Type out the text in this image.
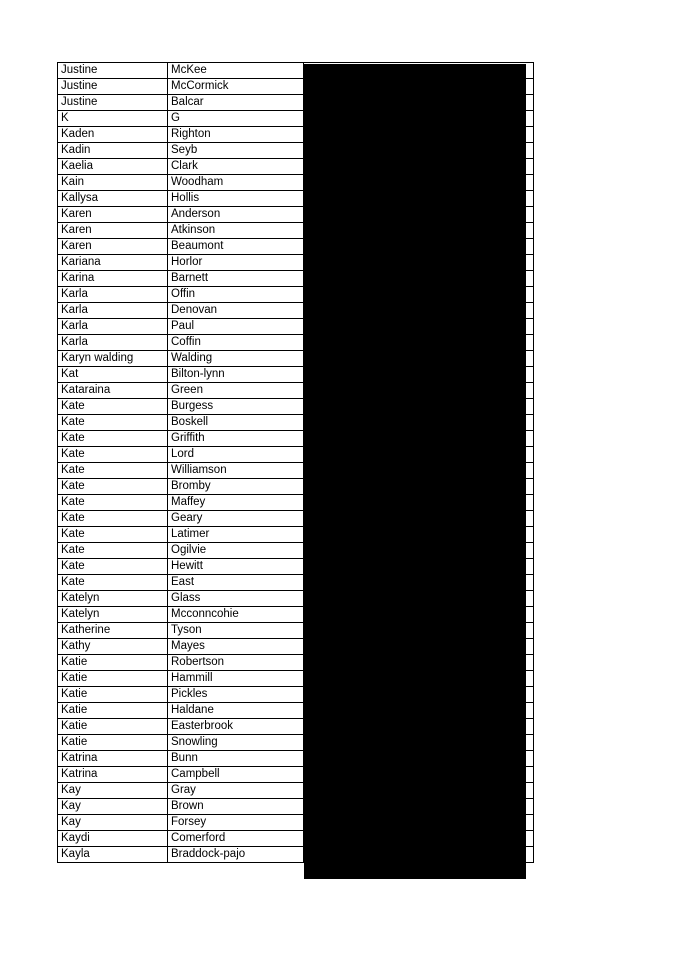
Justine	McKee	
Justine	McCormick	
Justine	Balcar	
K	G	
Kaden	Righton	
Kadin	Seyb	
Kaelia	Clark	
Kain	Woodham	
Kallysa	Hollis	
Karen	Anderson	
Karen	Atkinson	
Karen	Beaumont	
Kariana	Horlor	
Karina	Barnett	
Karla	Offin	
Karla	Denovan	
Karla	Paul	
Karla	Coffin	
Karyn walding	Walding	
Kat	Bilton-lynn	
Kataraina	Green	
Kate	Burgess	
Kate	Boskell	
Kate	Griffith	
Kate	Lord	
Kate	Williamson	
Kate	Bromby	
Kate	Maffey	
Kate	Geary	
Kate	Latimer	
Kate	Ogilvie	
Kate	Hewitt	
Kate	East	
Katelyn	Glass	
Katelyn	Mcconncohie	
Katherine	Tyson	
Kathy	Mayes	
Katie	Robertson	
Katie	Hammill	
Katie	Pickles	
Katie	Haldane	
Katie	Easterbrook	
Katie	Snowling	
Katrina	Bunn	
Katrina	Campbell	
Kay	Gray	
Kay	Brown	
Kay	Forsey	
Kaydi	Comerford	
Kayla	Braddock-pajo	
